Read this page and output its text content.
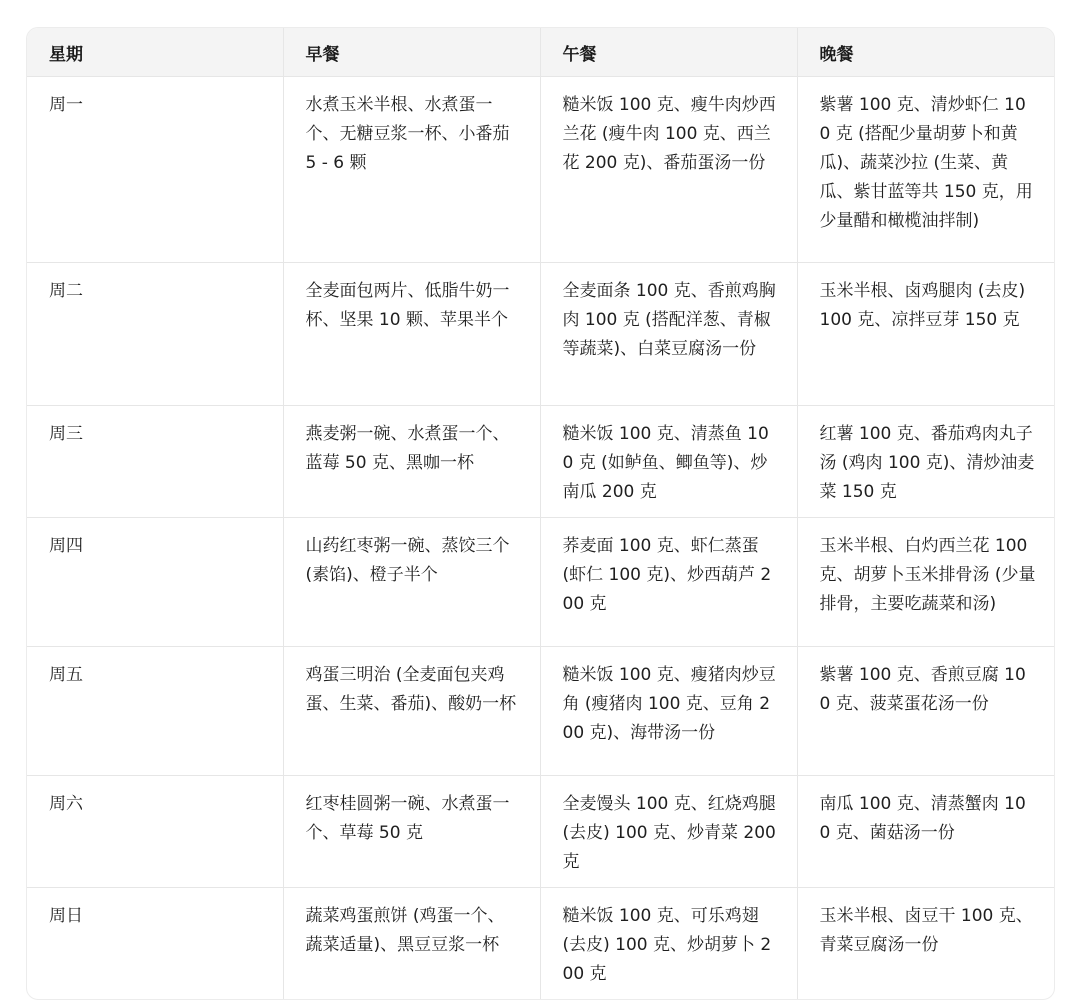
星期	早餐	午餐	晚餐
周一	水煮玉米半根、水煮蛋一个、无糖豆浆一杯、小番茄 5 - 6 颗	糙米饭 100 克、瘦牛肉炒西兰花 (瘦牛肉 100 克、西兰花 200 克)、番茄蛋汤一份	紫薯 100 克、清炒虾仁 100 克 (搭配少量胡萝卜和黄瓜)、蔬菜沙拉 (生菜、黄瓜、紫甘蓝等共 150 克，用少量醋和橄榄油拌制)
周二	全麦面包两片、低脂牛奶一杯、坚果 10 颗、苹果半个	全麦面条 100 克、香煎鸡胸肉 100 克 (搭配洋葱、青椒等蔬菜)、白菜豆腐汤一份	玉米半根、卤鸡腿肉 (去皮) 100 克、凉拌豆芽 150 克
周三	燕麦粥一碗、水煮蛋一个、蓝莓 50 克、黑咖一杯	糙米饭 100 克、清蒸鱼 100 克 (如鲈鱼、鲫鱼等)、炒南瓜 200 克	红薯 100 克、番茄鸡肉丸子汤 (鸡肉 100 克)、清炒油麦菜 150 克
周四	山药红枣粥一碗、蒸饺三个 (素馅)、橙子半个	荞麦面 100 克、虾仁蒸蛋 (虾仁 100 克)、炒西葫芦 200 克	玉米半根、白灼西兰花 100 克、胡萝卜玉米排骨汤 (少量排骨，主要吃蔬菜和汤)
周五	鸡蛋三明治 (全麦面包夹鸡蛋、生菜、番茄)、酸奶一杯	糙米饭 100 克、瘦猪肉炒豆角 (瘦猪肉 100 克、豆角 200 克)、海带汤一份	紫薯 100 克、香煎豆腐 100 克、菠菜蛋花汤一份
周六	红枣桂圆粥一碗、水煮蛋一个、草莓 50 克	全麦馒头 100 克、红烧鸡腿 (去皮) 100 克、炒青菜 200 克	南瓜 100 克、清蒸蟹肉 100 克、菌菇汤一份
周日	蔬菜鸡蛋煎饼 (鸡蛋一个、蔬菜适量)、黑豆豆浆一杯	糙米饭 100 克、可乐鸡翅 (去皮) 100 克、炒胡萝卜 200 克	玉米半根、卤豆干 100 克、青菜豆腐汤一份
